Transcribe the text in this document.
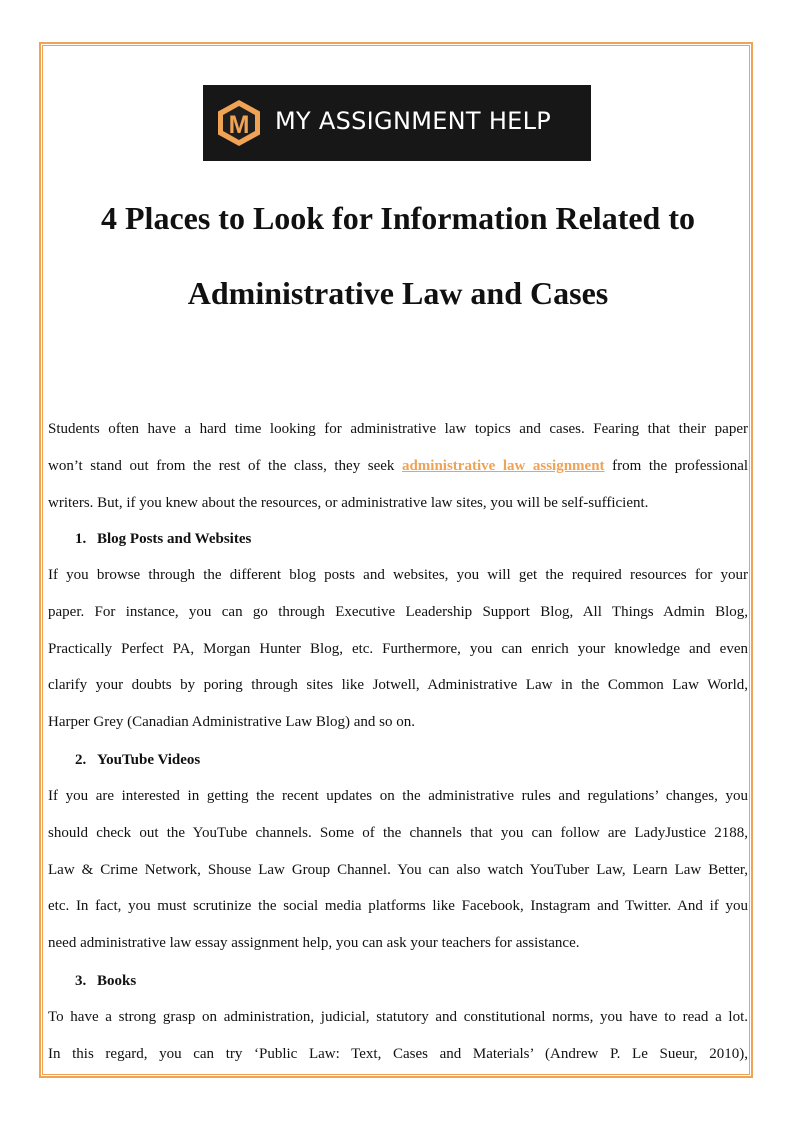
M MY ASSIGNMENT HELP
4 Places to Look for Information Related to
Administrative Law and Cases
Students often have a hard time looking for administrative law topics and cases. Fearing that their paper
won’t stand out from the rest of the class, they seek administrative law assignment from the professional
writers. But, if you knew about the resources, or administrative law sites, you will be self-sufficient.
1. Blog Posts and Websites
If you browse through the different blog posts and websites, you will get the required resources for your
paper. For instance, you can go through Executive Leadership Support Blog, All Things Admin Blog,
Practically Perfect PA, Morgan Hunter Blog, etc. Furthermore, you can enrich your knowledge and even
clarify your doubts by poring through sites like Jotwell, Administrative Law in the Common Law World,
Harper Grey (Canadian Administrative Law Blog) and so on.
2. YouTube Videos
If you are interested in getting the recent updates on the administrative rules and regulations’ changes, you
should check out the YouTube channels. Some of the channels that you can follow are LadyJustice 2188,
Law & Crime Network, Shouse Law Group Channel. You can also watch YouTuber Law, Learn Law Better,
etc. In fact, you must scrutinize the social media platforms like Facebook, Instagram and Twitter. And if you
need administrative law essay assignment help, you can ask your teachers for assistance.
3. Books
To have a strong grasp on administration, judicial, statutory and constitutional norms, you have to read a lot.
In this regard, you can try ‘Public Law: Text, Cases and Materials’ (Andrew P. Le Sueur, 2010),
